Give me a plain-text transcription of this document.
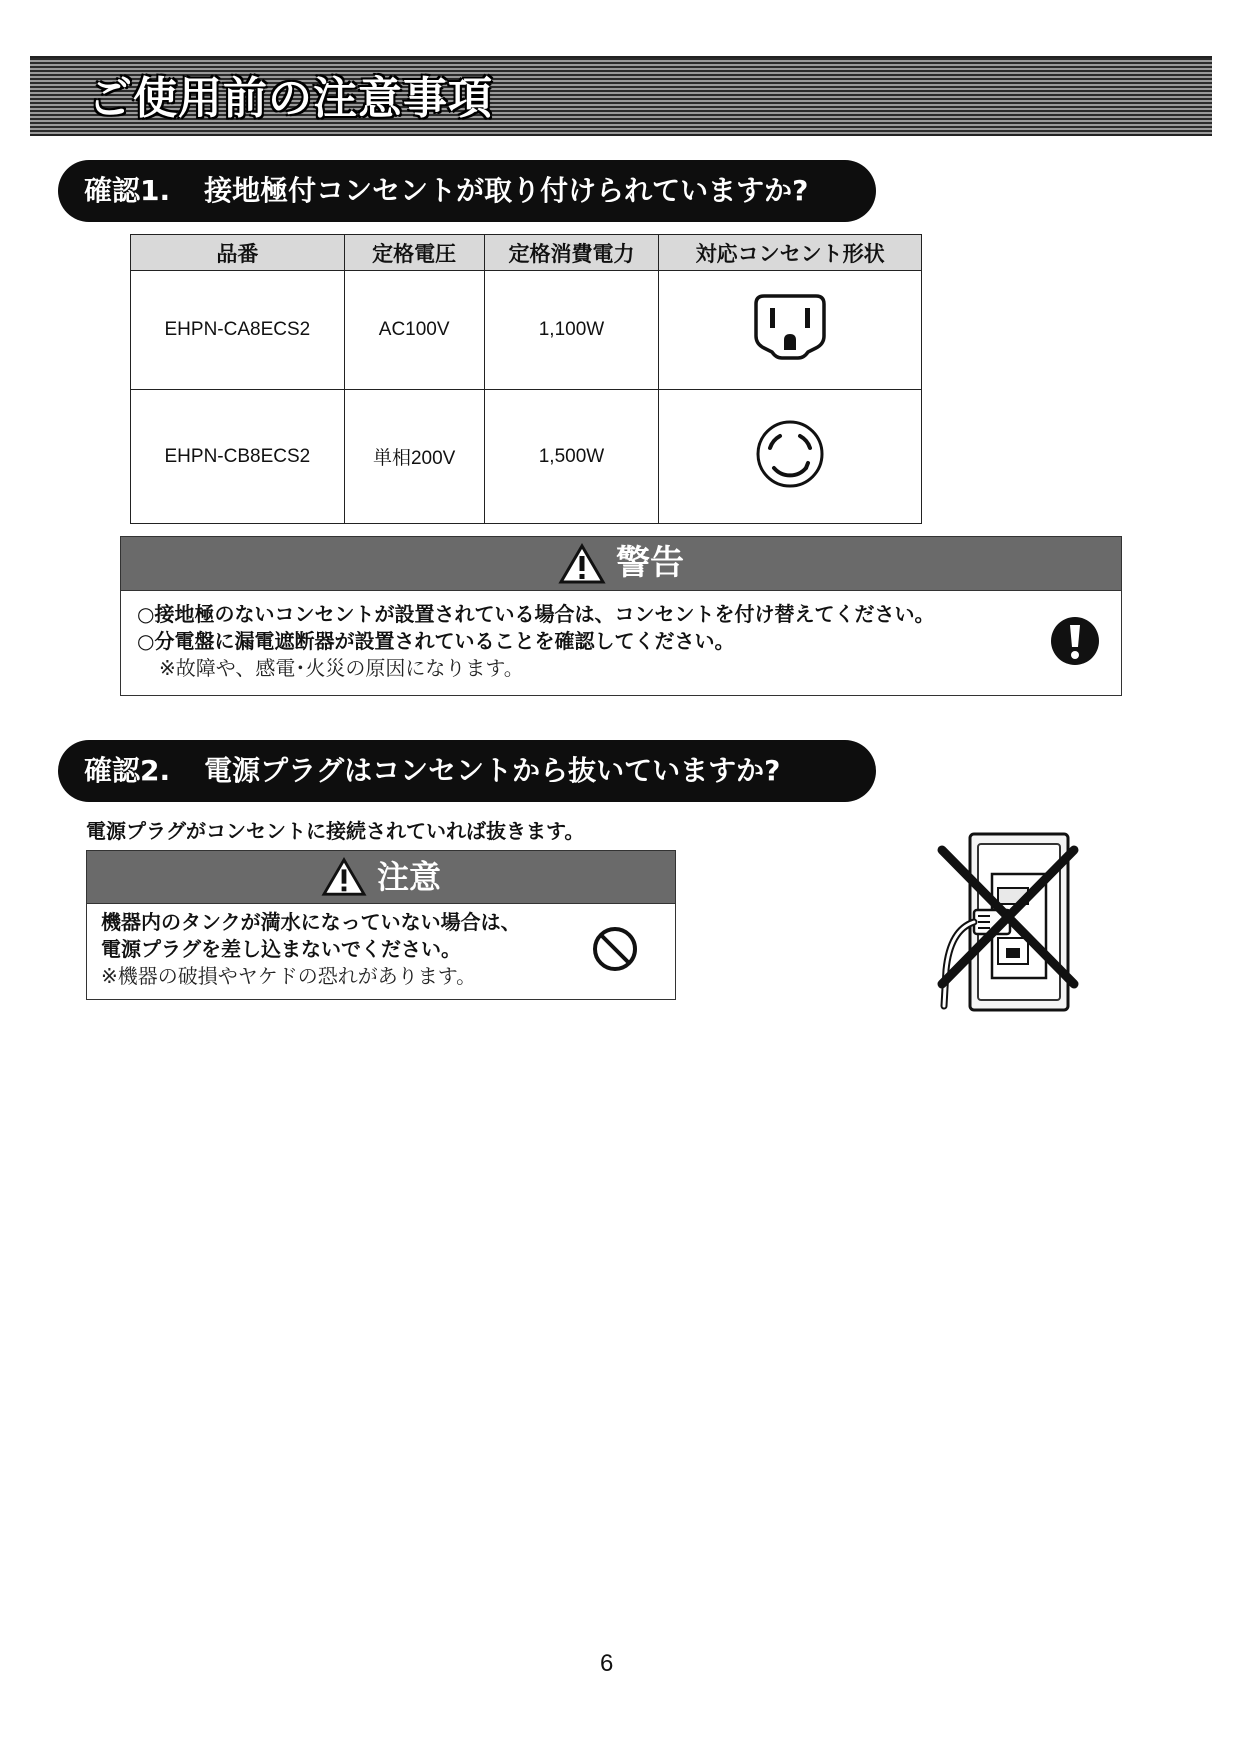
ご使用前の注意事項
確認1. 接地極付コンセントが取り付けられていますか?
品番	定格電圧	定格消費電力	対応コンセント形状
EHPN-CA8ECS2	AC100V	1,100W	
EHPN-CB8ECS2	単相200V	1,500W	
警告
○接地極のないコンセントが設置されている場合は、コンセントを付け替えてください。
○分電盤に漏電遮断器が設置されていることを確認してください。
※故障や、感電･火災の原因になります。
確認2. 電源プラグはコンセントから抜いていますか?
電源プラグがコンセントに接続されていれば抜きます。
注意
機器内のタンクが満水になっていない場合は、
電源プラグを差し込まないでください。
※機器の破損やヤケドの恐れがあります。
6
